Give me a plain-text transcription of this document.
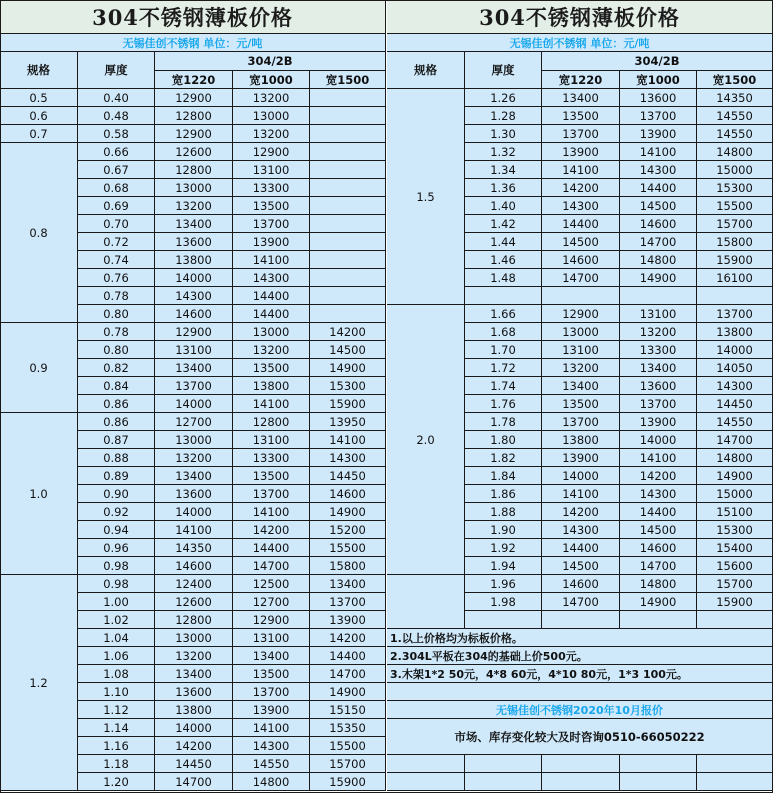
304不锈钢薄板价格
无锡佳创不锈钢 单位：元/吨
规格	厚度
304/2B
宽1220	宽1000	宽1500
0.5	0.40	12900	13200
0.6	0.48	12800	13000
0.7	0.58	12900	13200
0.8
0.66	12600	12900
0.67	12800	13100
0.68	13000	13300
0.69	13200	13500
0.70	13400	13700
0.72	13600	13900
0.74	13800	14100
0.76	14000	14300
0.78	14300	14400
0.80	14600	14400
0.9
0.78	12900	13000	14200
0.80	13100	13200	14500
0.82	13400	13500	14900
0.84	13700	13800	15300
0.86	14000	14100	15900
1.0
0.86	12700	12800	13950
0.87	13000	13100	14100
0.88	13200	13300	14300
0.89	13400	13500	14450
0.90	13600	13700	14600
0.92	14000	14100	14900
0.94	14100	14200	15200
0.96	14350	14400	15500
0.98	14600	14700	15800
1.2
0.98	12400	12500	13400
1.00	12600	12700	13700
1.02	12800	12900	13900
1.04	13000	13100	14200
1.06	13200	13400	14400
1.08	13400	13500	14700
1.10	13600	13700	14900
1.12	13800	13900	15150
1.14	14000	14100	15350
1.16	14200	14300	15500
1.18	14450	14550	15700
1.20	14700	14800	15900
304不锈钢薄板价格
无锡佳创不锈钢 单位：元/吨
规格	厚度
304/2B
宽1220	宽1000	宽1500
1.5
1.26	13400	13600	14350
1.28	13500	13700	14550
1.30	13700	13900	14550
1.32	13900	14100	14800
1.34	14100	14300	15000
1.36	14200	14400	15300
1.40	14300	14500	15500
1.42	14400	14600	15700
1.44	14500	14700	15800
1.46	14600	14800	15900
1.48	14700	14900	16100
2.0
1.66	12900	13100	13700
1.68	13000	13200	13800
1.70	13100	13300	14000
1.72	13200	13400	14050
1.74	13400	13600	14300
1.76	13500	13700	14450
1.78	13700	13900	14550
1.80	13800	14000	14700
1.82	13900	14100	14800
1.84	14000	14200	14900
1.86	14100	14300	15000
1.88	14200	14400	15100
1.90	14300	14500	15300
1.92	14400	14600	15400
1.94	14500	14700	15600
1.96	14600	14800	15700
1.98	14700	14900	15900
1.以上价格均为标板价格。
2.304L平板在304的基础上价500元。
3.木架1*2 50元，4*8 60元，4*10 80元，1*3 100元。
无锡佳创不锈钢2020年10月报价
市场、库存变化较大及时咨询0510-66050222
